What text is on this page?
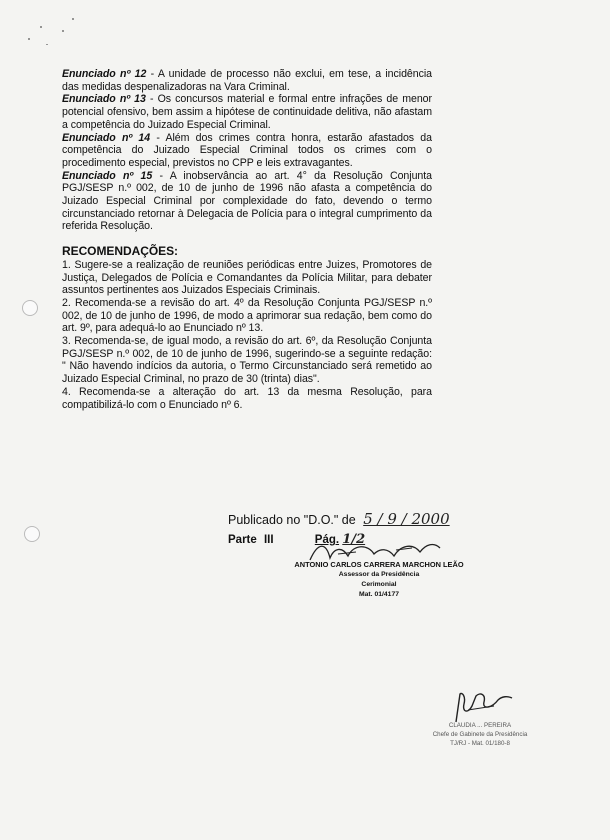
Enunciado nº 12 - A unidade de processo não exclui, em tese, a incidência das medidas despenalizadoras na Vara Criminal.

Enunciado nº 13 - Os concursos material e formal entre infrações de menor potencial ofensivo, bem assim a hipótese de continuidade delitiva, não afastam a competência do Juizado Especial Criminal.

Enunciado nº 14 - Além dos crimes contra honra, estarão afastados da competência do Juizado Especial Criminal todos os crimes com o procedimento especial, previstos no CPP e leis extravagantes.

Enunciado nº 15 - A inobservância ao art. 4° da Resolução Conjunta PGJ/SESP n.º 002, de 10 de junho de 1996 não afasta a competência do Juizado Especial Criminal por complexidade do fato, devendo o termo circunstanciado retornar à Delegacia de Polícia para o integral cumprimento da referida Resolução.

RECOMENDAÇÕES:

1. Sugere-se a realização de reuniões periódicas entre Juizes, Promotores de Justiça, Delegados de Polícia e Comandantes da Polícia Militar, para debater assuntos pertinentes aos Juizados Especiais Criminais.

2. Recomenda-se a revisão do art. 4º da Resolução Conjunta PGJ/SESP n.º 002, de 10 de junho de 1996, de modo a aprimorar sua redação, bem como do art. 9º, para adequá-lo ao Enunciado nº 13.

3. Recomenda-se, de igual modo, a revisão do art. 6º, da Resolução Conjunta PGJ/SESP n.º 002, de 10 de junho de 1996, sugerindo-se a seguinte redação: " Não havendo indícios da autoria, o Termo Circunstanciado será remetido ao Juizado Especial Criminal, no prazo de 30 (trinta) dias".

4. Recomenda-se a alteração do art. 13 da mesma Resolução, para compatibilizá-lo com o Enunciado nº 6.

Publicado no "D.O." de 5 / 9 / 2000
Parte III	Pág. 1/2
ANTONIO CARLOS CARRERA MARCHON LEÃO
Assessor da Presidência
Cerimonial
Mat. 01/4177
CLAUDIA ... PEREIRA
Chefe de Gabinete da Presidência
TJ/RJ - Mat. 01/180-8
